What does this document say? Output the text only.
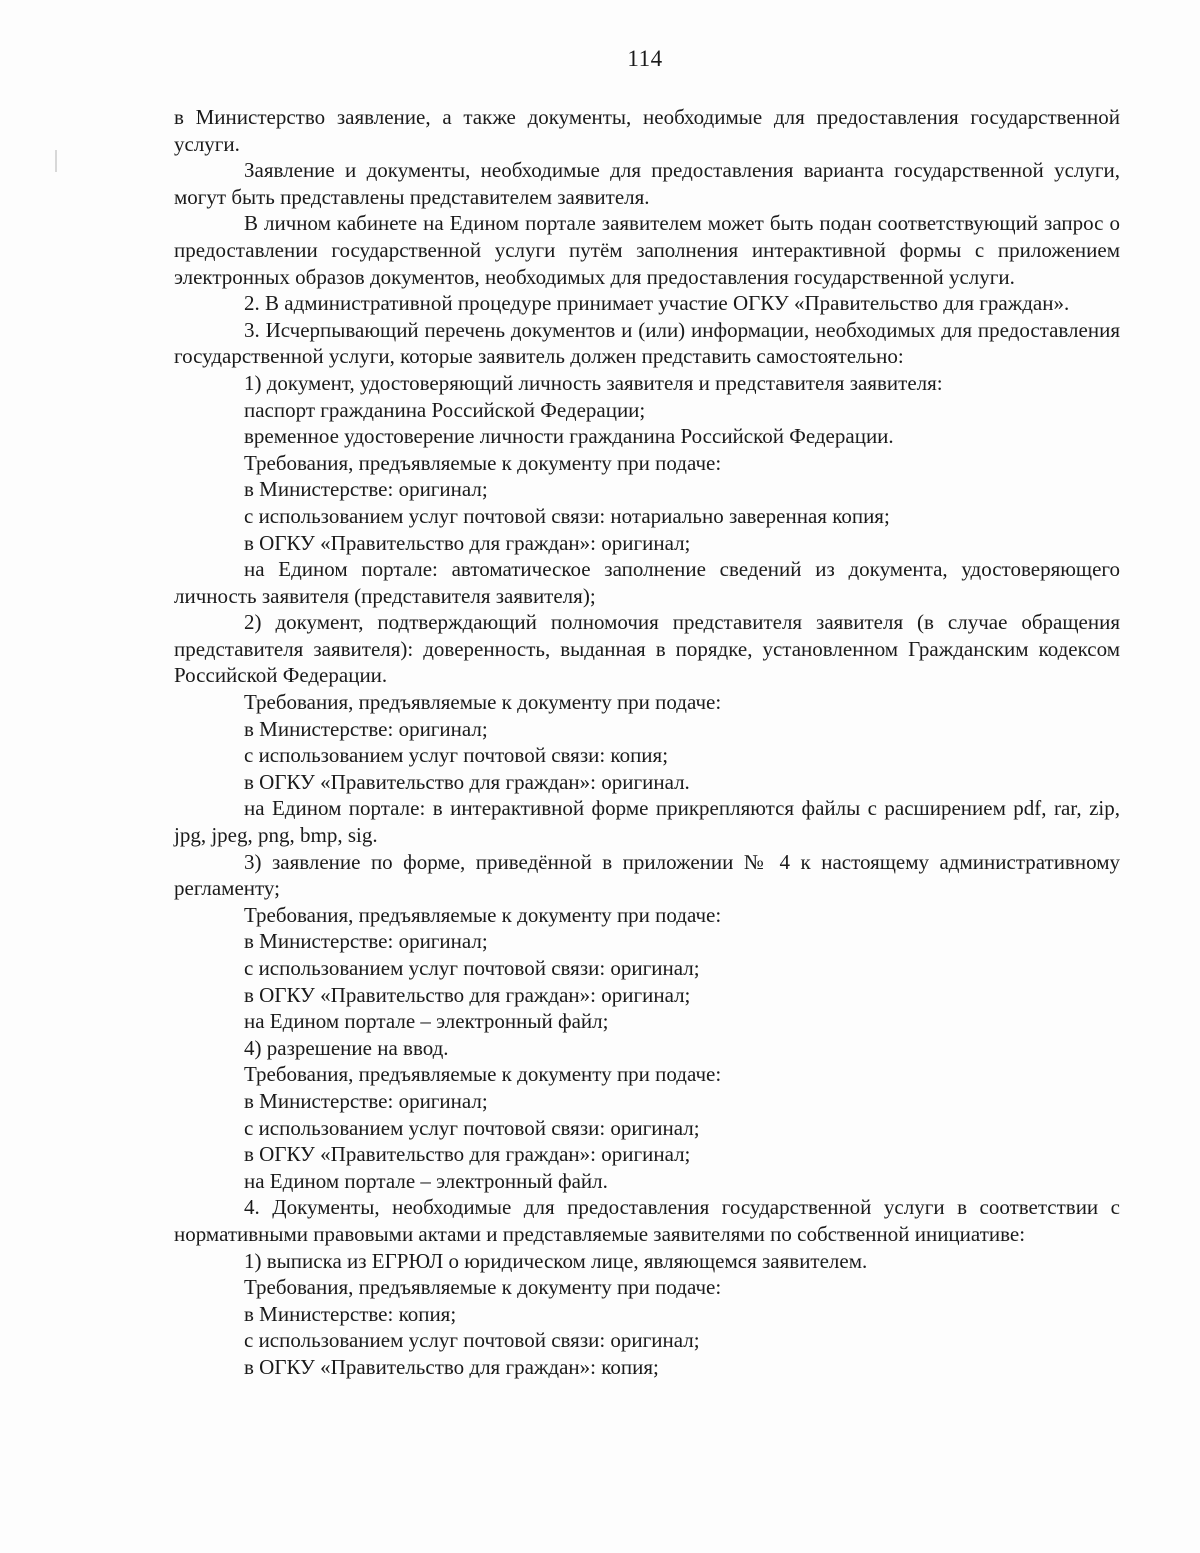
114

в Министерство заявление, а также документы, необходимые для предоставления государственной услуги.

Заявление и документы, необходимые для предоставления варианта государственной услуги, могут быть представлены представителем заявителя.

В личном кабинете на Едином портале заявителем может быть подан соответствующий запрос о предоставлении государственной услуги путём заполнения интерактивной формы с приложением электронных образов документов, необходимых для предоставления государственной услуги.

2. В административной процедуре принимает участие ОГКУ «Правительство для граждан».

3. Исчерпывающий перечень документов и (или) информации, необходимых для предоставления государственной услуги, которые заявитель должен представить самостоятельно:

1) документ, удостоверяющий личность заявителя и представителя заявителя:

паспорт гражданина Российской Федерации;

временное удостоверение личности гражданина Российской Федерации.

Требования, предъявляемые к документу при подаче:

в Министерстве: оригинал;

с использованием услуг почтовой связи: нотариально заверенная копия;

в ОГКУ «Правительство для граждан»: оригинал;

на Едином портале: автоматическое заполнение сведений из документа, удостоверяющего личность заявителя (представителя заявителя);

2) документ, подтверждающий полномочия представителя заявителя (в случае обращения представителя заявителя): доверенность, выданная в порядке, установленном Гражданским кодексом Российской Федерации.

Требования, предъявляемые к документу при подаче:

в Министерстве: оригинал;

с использованием услуг почтовой связи: копия;

в ОГКУ «Правительство для граждан»: оригинал.

на Едином портале: в интерактивной форме прикрепляются файлы с расширением pdf, rar, zip, jpg, jpeg, png, bmp, sig.

3) заявление по форме, приведённой в приложении № 4 к настоящему административному регламенту;

Требования, предъявляемые к документу при подаче:

в Министерстве: оригинал;

с использованием услуг почтовой связи: оригинал;

в ОГКУ «Правительство для граждан»: оригинал;

на Едином портале – электронный файл;

4) разрешение на ввод.

Требования, предъявляемые к документу при подаче:

в Министерстве: оригинал;

с использованием услуг почтовой связи: оригинал;

в ОГКУ «Правительство для граждан»: оригинал;

на Едином портале – электронный файл.

4. Документы, необходимые для предоставления государственной услуги в соответствии с нормативными правовыми актами и представляемые заявителями по собственной инициативе:

1) выписка из ЕГРЮЛ о юридическом лице, являющемся заявителем.

Требования, предъявляемые к документу при подаче:

в Министерстве: копия;

с использованием услуг почтовой связи: оригинал;

в ОГКУ «Правительство для граждан»: копия;
